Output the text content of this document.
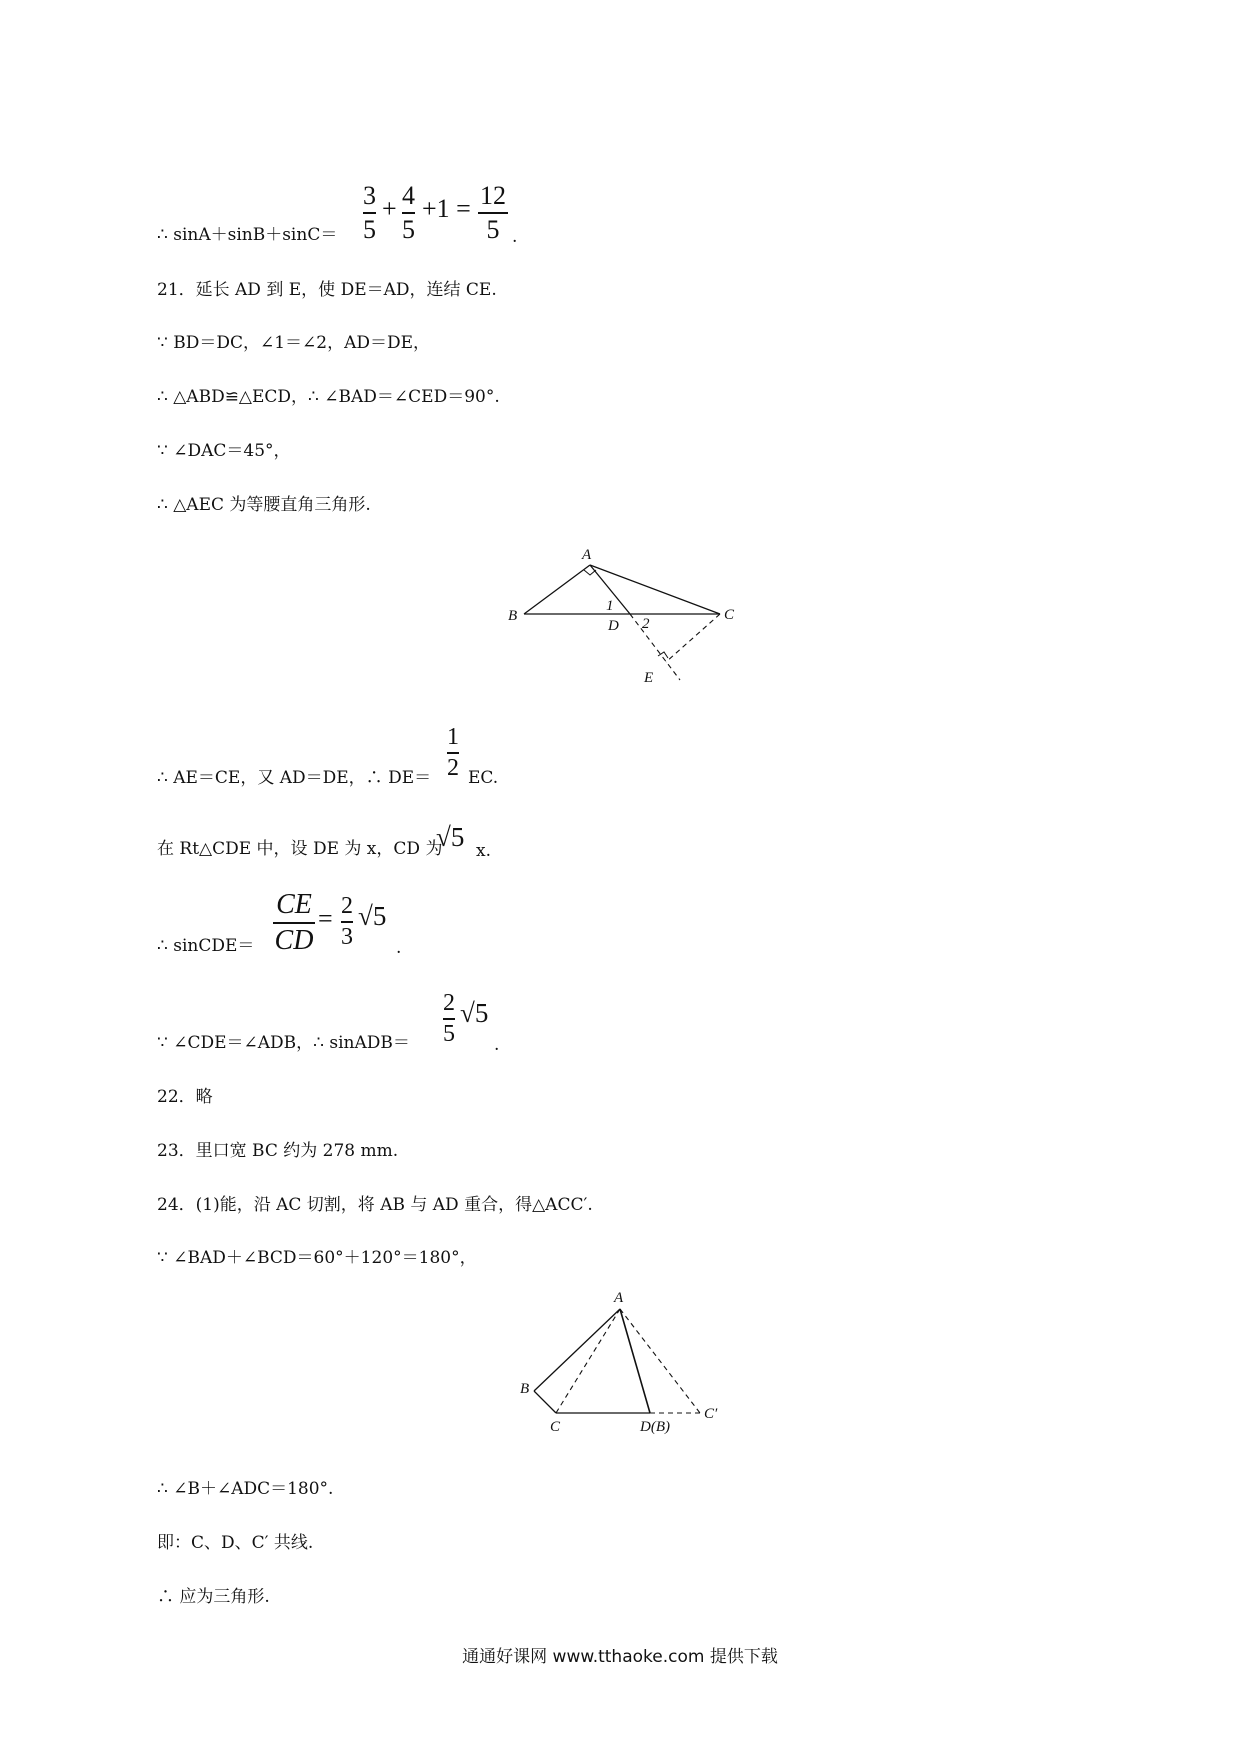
∴ sinA＋sinB＋sinC＝
3
5
+ 4
5
+1 = 12
5 .
21．延长 AD 到 E，使 DE＝AD，连结 CE.
∵ BD＝DC，∠1＝∠2，AD＝DE，
∴ △ABD≌△ECD，∴ ∠BAD＝∠CED＝90°.
∵ ∠DAC＝45°，
∴ △AEC 为等腰直角三角形.
A
B	C
D
E
1
2
∴ AE＝CE，又 AD＝DE，∴ DE＝
1
2 EC.
在 Rt△CDE 中，设 DE 为 x，CD 为
√5 x.
∴ sinCDE＝
CE
CD
= 2
3
√5
.
∵ ∠CDE＝∠ADB，∴ sinADB＝
2
5
√5
.
22．略
23．里口宽 BC 约为 278 mm.
24．(1)能，沿 AC 切割，将 AB 与 AD 重合，得△ACC′.
∵ ∠BAD＋∠BCD＝60°＋120°＝180°，
A
B
C	D(B)
C′
∴ ∠B＋∠ADC＝180°.
即：C、D、C′ 共线.
∴ 应为三角形.
通通好课网 www.tthaoke.com 提供下载
